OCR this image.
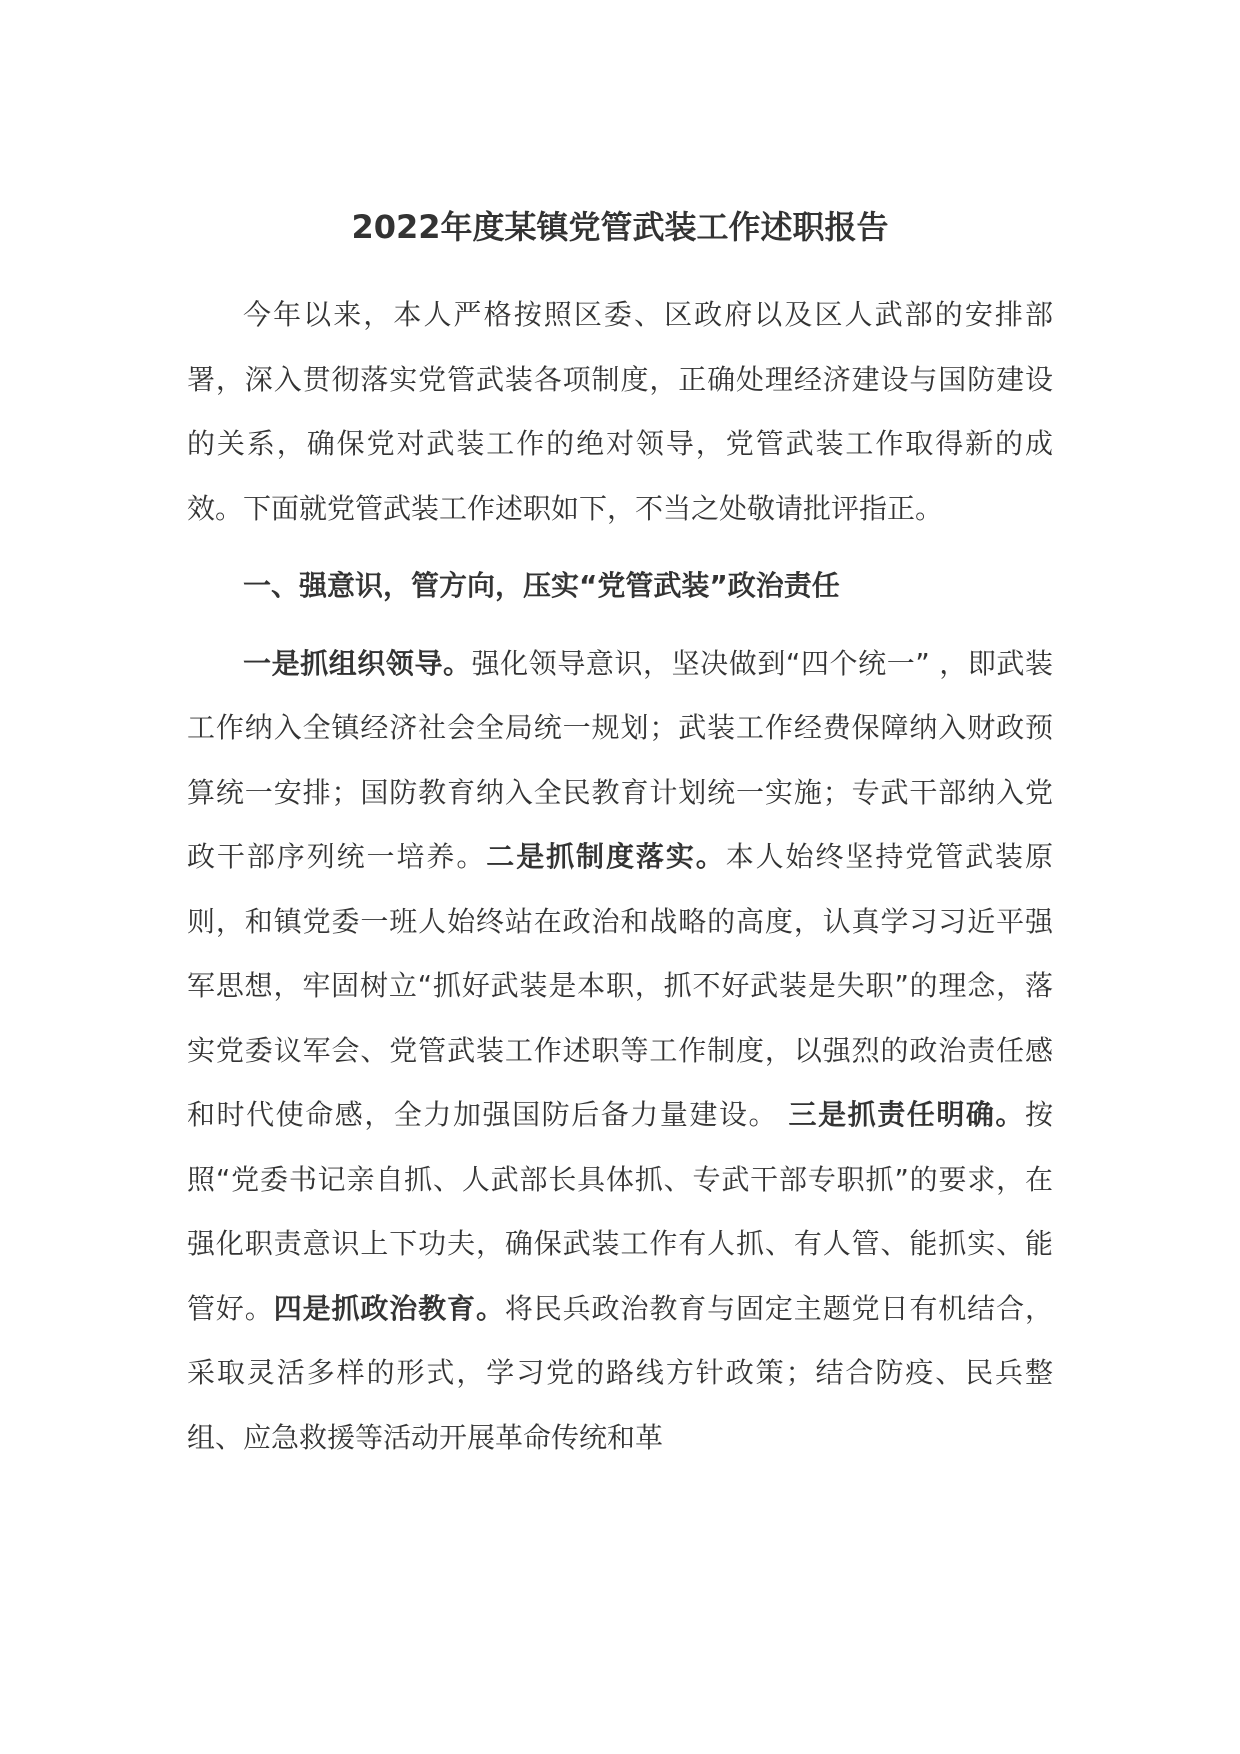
2022年度某镇党管武装工作述职报告

今年以来，本人严格按照区委、区政府以及区人武部的安排部署，深入贯彻落实党管武装各项制度，正确处理经济建设与国防建设的关系，确保党对武装工作的绝对领导，党管武装工作取得新的成效。下面就党管武装工作述职如下，不当之处敬请批评指正。

一、强意识，管方向，压实“党管武装”政治责任

一是抓组织领导。强化领导意识，坚决做到“四个统一” ，即武装工作纳入全镇经济社会全局统一规划；武装工作经费保障纳入财政预算统一安排；国防教育纳入全民教育计划统一实施；专武干部纳入党政干部序列统一培养。二是抓制度落实。本人始终坚持党管武装原则，和镇党委一班人始终站在政治和战略的高度，认真学习习近平强军思想，牢固树立“抓好武装是本职，抓不好武装是失职”的理念，落实党委议军会、党管武装工作述职等工作制度，以强烈的政治责任感和时代使命感，全力加强国防后备力量建设。 三是抓责任明确。按照“党委书记亲自抓、人武部长具体抓、专武干部专职抓”的要求，在强化职责意识上下功夫，确保武装工作有人抓、有人管、能抓实、能管好。四是抓政治教育。将民兵政治教育与固定主题党日有机结合，采取灵活多样的形式，学习党的路线方针政策；结合防疫、民兵整组、应急救援等活动开展革命传统和革
